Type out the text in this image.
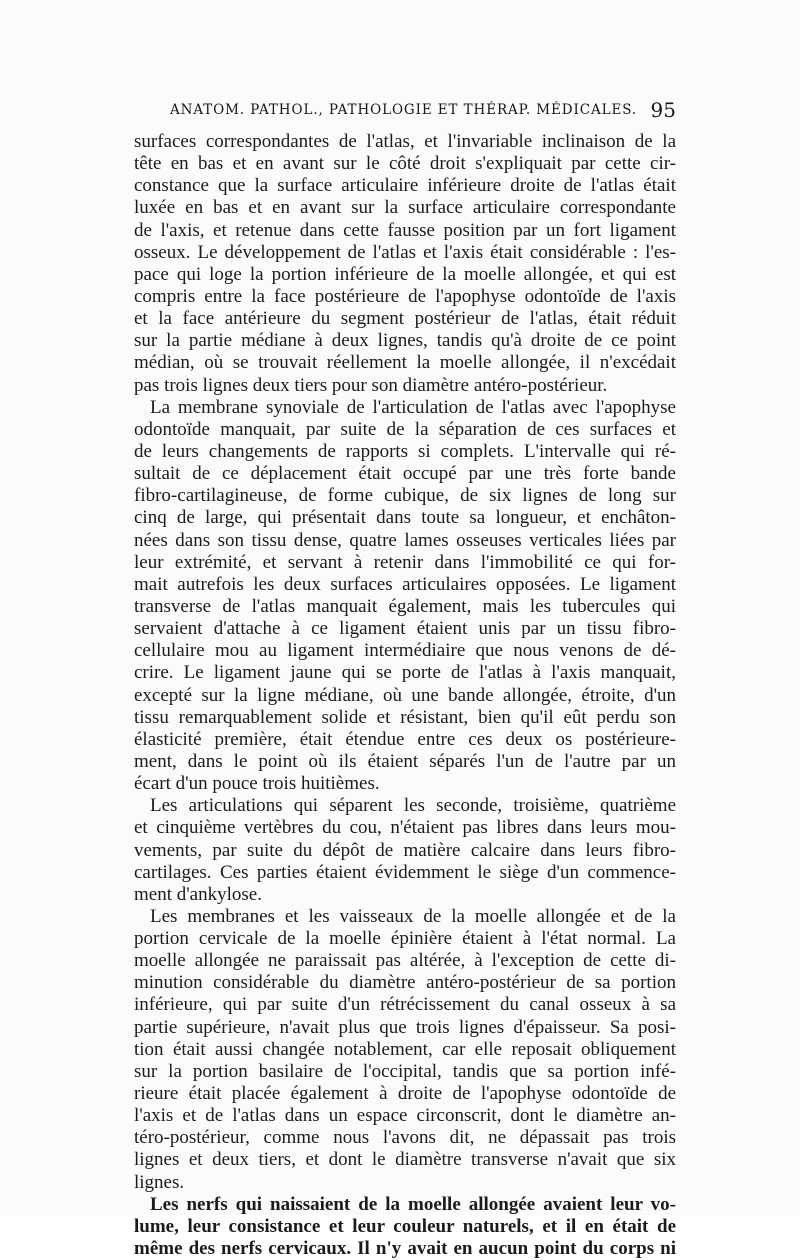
ANATOM. PATHOL., PATHOLOGIE ET THÉRAP. MÉDICALES. 95
surfaces correspondantes de l'atlas, et l'invariable inclinaison de la
tête en bas et en avant sur le côté droit s'expliquait par cette cir-
constance que la surface articulaire inférieure droite de l'atlas était
luxée en bas et en avant sur la surface articulaire correspondante
de l'axis, et retenue dans cette fausse position par un fort ligament
osseux. Le développement de l'atlas et l'axis était considérable : l'es-
pace qui loge la portion inférieure de la moelle allongée, et qui est
compris entre la face postérieure de l'apophyse odontoïde de l'axis
et la face antérieure du segment postérieur de l'atlas, était réduit
sur la partie médiane à deux lignes, tandis qu'à droite de ce point
médian, où se trouvait réellement la moelle allongée, il n'excédait
pas trois lignes deux tiers pour son diamètre antéro-postérieur.
La membrane synoviale de l'articulation de l'atlas avec l'apophyse
odontoïde manquait, par suite de la séparation de ces surfaces et
de leurs changements de rapports si complets. L'intervalle qui ré-
sultait de ce déplacement était occupé par une très forte bande
fibro-cartilagineuse, de forme cubique, de six lignes de long sur
cinq de large, qui présentait dans toute sa longueur, et enchâton-
nées dans son tissu dense, quatre lames osseuses verticales liées par
leur extrémité, et servant à retenir dans l'immobilité ce qui for-
mait autrefois les deux surfaces articulaires opposées. Le ligament
transverse de l'atlas manquait également, mais les tubercules qui
servaient d'attache à ce ligament étaient unis par un tissu fibro-
cellulaire mou au ligament intermédiaire que nous venons de dé-
crire. Le ligament jaune qui se porte de l'atlas à l'axis manquait,
excepté sur la ligne médiane, où une bande allongée, étroite, d'un
tissu remarquablement solide et résistant, bien qu'il eût perdu son
élasticité première, était étendue entre ces deux os postérieure-
ment, dans le point où ils étaient séparés l'un de l'autre par un
écart d'un pouce trois huitièmes.
Les articulations qui séparent les seconde, troisième, quatrième
et cinquième vertèbres du cou, n'étaient pas libres dans leurs mou-
vements, par suite du dépôt de matière calcaire dans leurs fibro-
cartilages. Ces parties étaient évidemment le siège d'un commence-
ment d'ankylose.
Les membranes et les vaisseaux de la moelle allongée et de la
portion cervicale de la moelle épinière étaient à l'état normal. La
moelle allongée ne paraissait pas altérée, à l'exception de cette di-
minution considérable du diamètre antéro-postérieur de sa portion
inférieure, qui par suite d'un rétrécissement du canal osseux à sa
partie supérieure, n'avait plus que trois lignes d'épaisseur. Sa posi-
tion était aussi changée notablement, car elle reposait obliquement
sur la portion basilaire de l'occipital, tandis que sa portion infé-
rieure était placée également à droite de l'apophyse odontoïde de
l'axis et de l'atlas dans un espace circonscrit, dont le diamètre an-
téro-postérieur, comme nous l'avons dit, ne dépassait pas trois
lignes et deux tiers, et dont le diamètre transverse n'avait que six
lignes.
Les nerfs qui naissaient de la moelle allongée avaient leur vo-
lume, leur consistance et leur couleur naturels, et il en était de
même des nerfs cervicaux. Il n'y avait en aucun point du corps ni
